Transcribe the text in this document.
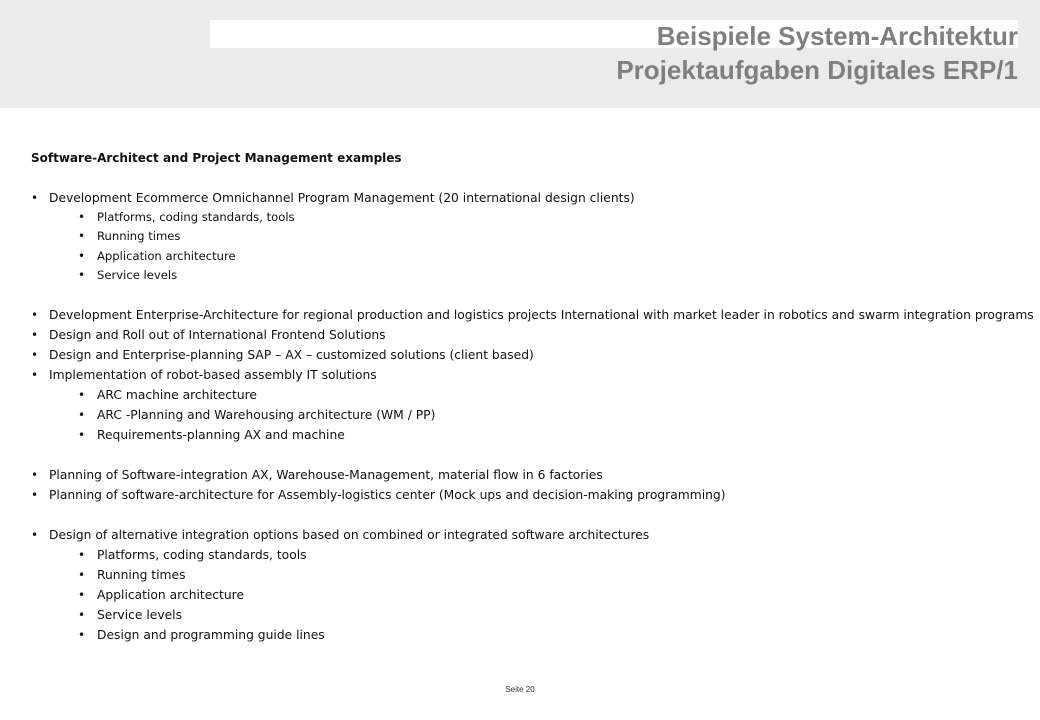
Beispiele System-Architektur
Projektaufgaben Digitales ERP/1
Software-Architect and Project Management examples
• Development Ecommerce Omnichannel Program Management (20 international design clients)
• Platforms, coding standards, tools
• Running times
• Application architecture
• Service levels
• Development Enterprise-Architecture for regional production and logistics projects International with market leader in robotics and swarm integration programs
• Design and Roll out of International Frontend Solutions
• Design and Enterprise-planning SAP – AX – customized solutions (client based)
• Implementation of robot-based assembly IT solutions
• ARC machine architecture
• ARC -Planning and Warehousing architecture (WM / PP)
• Requirements-planning AX and machine
• Planning of Software-integration AX, Warehouse-Management, material flow in 6 factories
• Planning of software-architecture for Assembly-logistics center (Mock ups and decision-making programming)
• Design of alternative integration options based on combined or integrated software architectures
• Platforms, coding standards, tools
• Running times
• Application architecture
• Service levels
• Design and programming guide lines
Seite 20
